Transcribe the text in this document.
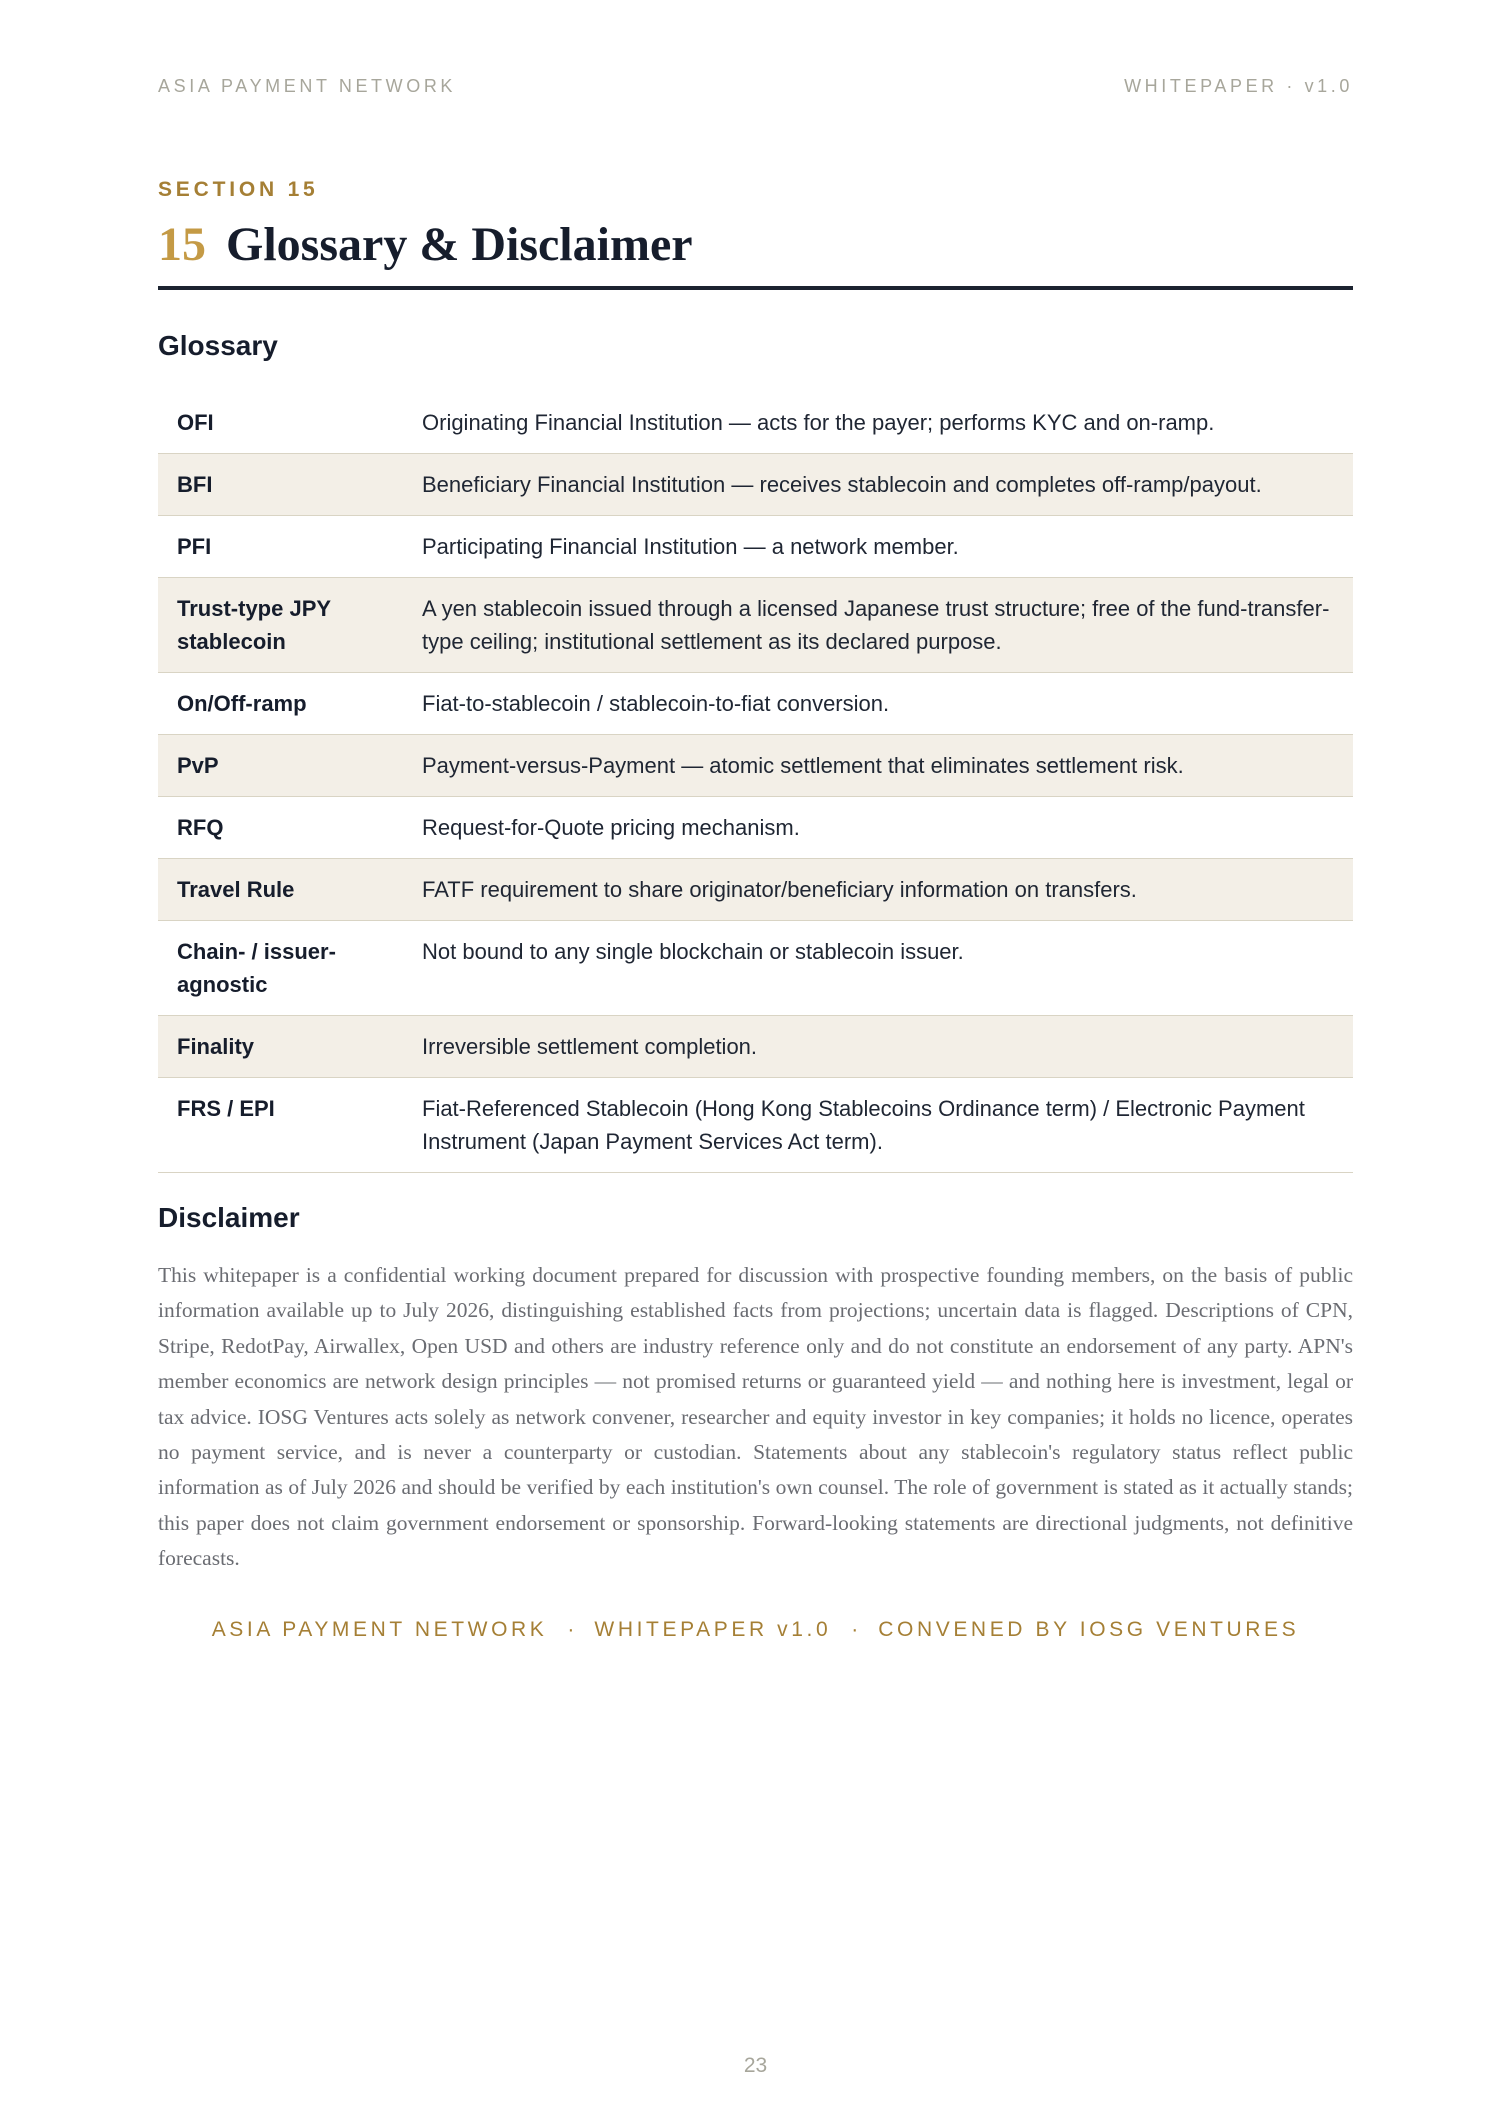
ASIA PAYMENT NETWORK	WHITEPAPER · v1.0
SECTION 15
15 Glossary & Disclaimer
Glossary
OFI	Originating Financial Institution — acts for the payer; performs KYC and on-ramp.
BFI	Beneficiary Financial Institution — receives stablecoin and completes off-ramp/payout.
PFI	Participating Financial Institution — a network member.
Trust-type JPY stablecoin	A yen stablecoin issued through a licensed Japanese trust structure; free of the fund-transfer-type ceiling; institutional settlement as its declared purpose.
On/Off-ramp	Fiat-to-stablecoin / stablecoin-to-fiat conversion.
PvP	Payment-versus-Payment — atomic settlement that eliminates settlement risk.
RFQ	Request-for-Quote pricing mechanism.
Travel Rule	FATF requirement to share originator/beneficiary information on transfers.
Chain- / issuer-agnostic	Not bound to any single blockchain or stablecoin issuer.
Finality	Irreversible settlement completion.
FRS / EPI	Fiat-Referenced Stablecoin (Hong Kong Stablecoins Ordinance term) / Electronic Payment Instrument (Japan Payment Services Act term).
Disclaimer

This whitepaper is a confidential working document prepared for discussion with prospective founding members, on the basis of public information available up to July 2026, distinguishing established facts from projections; uncertain data is flagged. Descriptions of CPN, Stripe, RedotPay, Airwallex, Open USD and others are industry reference only and do not constitute an endorsement of any party. APN's member economics are network design principles — not promised returns or guaranteed yield — and nothing here is investment, legal or tax advice. IOSG Ventures acts solely as network convener, researcher and equity investor in key companies; it holds no licence, operates no payment service, and is never a counterparty or custodian. Statements about any stablecoin's regulatory status reflect public information as of July 2026 and should be verified by each institution's own counsel. The role of government is stated as it actually stands; this paper does not claim government endorsement or sponsorship. Forward-looking statements are directional judgments, not definitive forecasts.

ASIA PAYMENT NETWORK · WHITEPAPER v1.0 · CONVENED BY IOSG VENTURES
23
